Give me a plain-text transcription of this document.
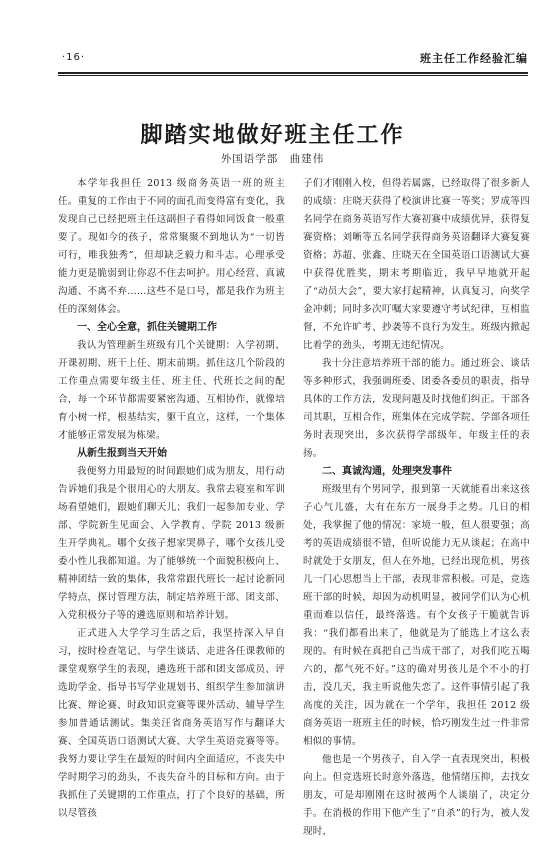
·16·	班主任工作经验汇编
脚踏实地做好班主任工作
外国语学部　曲建伟

本学年我担任 2013 级商务英语一班的班主任。重复的工作由于不同的面孔而变得富有变化，我发现自己已经把班主任这副担子看得如同饭食一般重要了。现如今的孩子，常常聚聚不到地认为“一切皆可行，唯我独秀”，但却缺乏毅力和斗志。心理承受能力更是脆弱到让你忍不住去呵护。用心经营、真诚沟通、不离不弃……这些不是口号，都是我作为班主任的深刻体会。

一、全心全意，抓住关键期工作

我认为管理新生班级有几个关键期：入学初期、开课初期、班干上任、期末前期。抓住这几个阶段的工作重点需要年级主任、班主任、代班长之间的配合，每一个环节都需要紧密沟通、互相协作，就像培育小树一样，根基结实，躯干直立，这样，一个集体才能够正常发展为栋梁。

从新生报到当天开始

我便努力用最短的时间跟她们成为朋友，用行动告诉她们我是个很用心的大朋友。我常去寝室和军训场看望她们，跟她们聊天儿；我们一起参加专业、学部、学院新生见面会、入学教育、学院 2013 级新生开学典礼。哪个女孩子想家哭鼻子，哪个女孩儿受委小性儿我都知道。为了能够统一个面貌积极向上、精神团结一致的集体，我常常跟代班长一起讨论新同学特点，探讨管理方法，制定培养班干部、团支部、入党积极分子等的遴选原则和培养计划。

正式进入大学学习生活之后，我坚持深入早自习，按时检查笔记、与学生谈话、走进各任课教师的课堂观察学生的表现，遴选班干部和团支部成员、评选助学金、指导书写学业规划书、组织学生参加演讲比赛、辩论赛、时政知识竞赛等课外活动、辅导学生参加普通话测试。集美汪省商务英语写作与翻译大赛、全国英语口语测试大赛、大学生英语竞赛等等。我努力要让学生在最短的时间内全面适应，不丧失中学时期学习的劲头，不丧失奋斗的目标和方向。由于我抓住了关键期的工作重点，打了个良好的基础，所以尽管孩

子们才刚刚入校，但得若属露，已经取得了很多新人的成绩：庄晓天获得了校演讲比赛一等奖；罗成等四名同学在商务英语写作大赛初赛中成绩优异，获得复赛资格；刘晰等五名同学获得商务英语翻译大赛复赛资格；苏超、张鑫、庄晓天在全国英语口语测试大赛中获得优胜奖，期末考期临近，我早早地就开起了“动员大会”，要大家打起精神，认真复习，向奖学金冲刺；同时多次叮嘱大家要遵守考试纪律，互相监督，不允许旷考、抄袭等不良行为发生。班级内掀起比着学的劲头，考期无违纪情况。

我十分注意培养班干部的能力。通过班会、谈话等多种形式，我强调班委、团委各委员的职责，指导具体的工作方法，发现问题及时找他们纠正。干部各司其职，互相合作，班集体在完成学院、学部各项任务时表现突出，多次获得学部级年、年级主任的表扬。

二、真诚沟通，处理突发事件

班级里有个男同学，报到第一天就能看出来这孩子心气儿盛，大有在东方一展身手之势。几日的相处，我掌握了他的情况：家境一般，但人很要强；高考的英语成绩很不错，但听说能力无从谈起；在高中时就处于女朋友，但人在外地，已经出现危机，男孩儿一门心思想当上干部，表现非常积极。可是，竞选班干部的时候，却因为动机明显，被同学们认为心机重而难以信任，最终落选。有个女孩子干脆就告诉我：“我们都看出来了，他就是为了能选上才这么表现的。有时候在真把自己当成干部了，对我们吃五喝六的，都气死不好。”这的确对男孩儿是个不小的打击，没几天，我主听说他失恋了。这件事情引起了我高度的关注，因为就在一个学年，我担任 2012 级商务英语一班班主任的时候，恰巧刚发生过一件非常相似的事情。

他也是一个男孩子，自入学一直表现突出，积极向上。但竞选班长时意外落选，他情绪压抑，去找女朋友，可是却刚刚在这时被两个人谈崩了，决定分手。在消极的作用下他产生了“自杀”的行为，被人发现时，
